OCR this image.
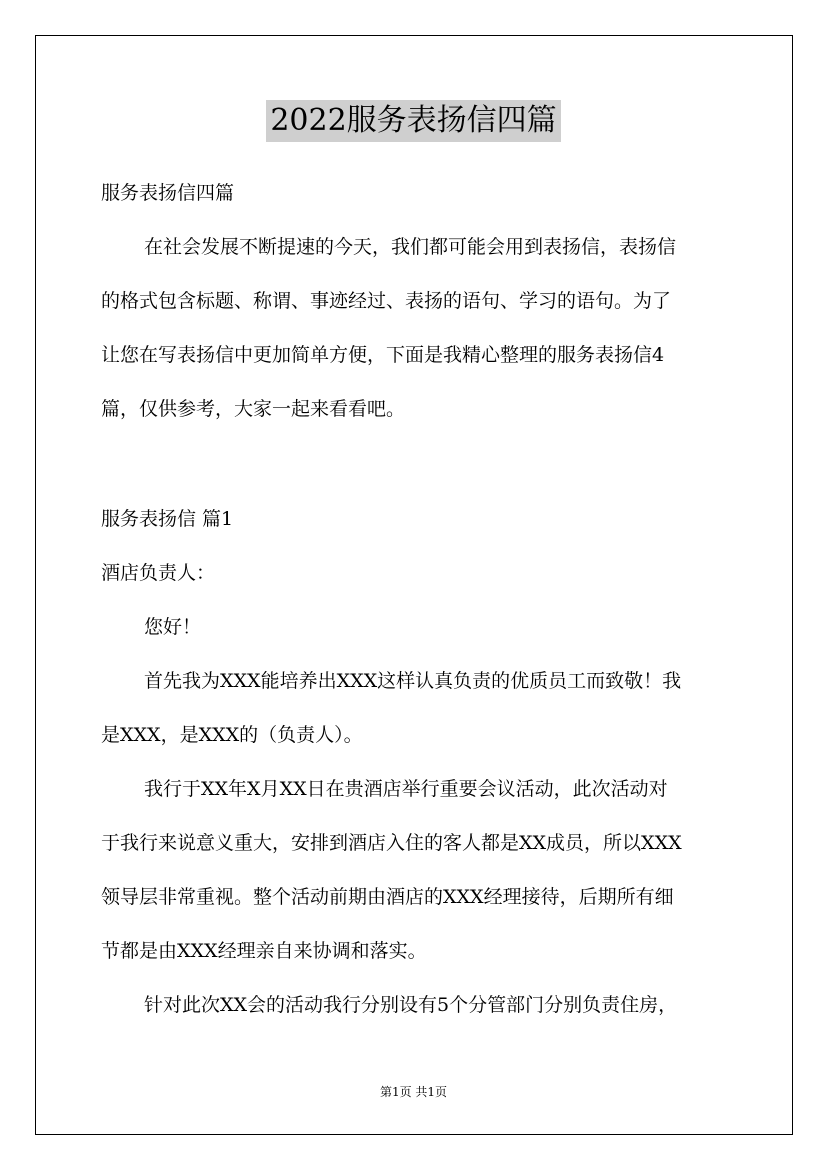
2022服务表扬信四篇
服务表扬信四篇
在社会发展不断提速的今天，我们都可能会用到表扬信，表扬信
的格式包含标题、称谓、事迹经过、表扬的语句、学习的语句。为了
让您在写表扬信中更加简单方便，下面是我精心整理的服务表扬信4
篇，仅供参考，大家一起来看看吧。
服务表扬信 篇1
酒店负责人：
您好！
首先我为XXX能培养出XXX这样认真负责的优质员工而致敬！我
是XXX，是XXX的（负责人）。
我行于XX年X月XX日在贵酒店举行重要会议活动，此次活动对
于我行来说意义重大，安排到酒店入住的客人都是XX成员，所以XXX
领导层非常重视。整个活动前期由酒店的XXX经理接待，后期所有细
节都是由XXX经理亲自来协调和落实。
针对此次XX会的活动我行分别设有5个分管部门分别负责住房，
第1页 共1页
